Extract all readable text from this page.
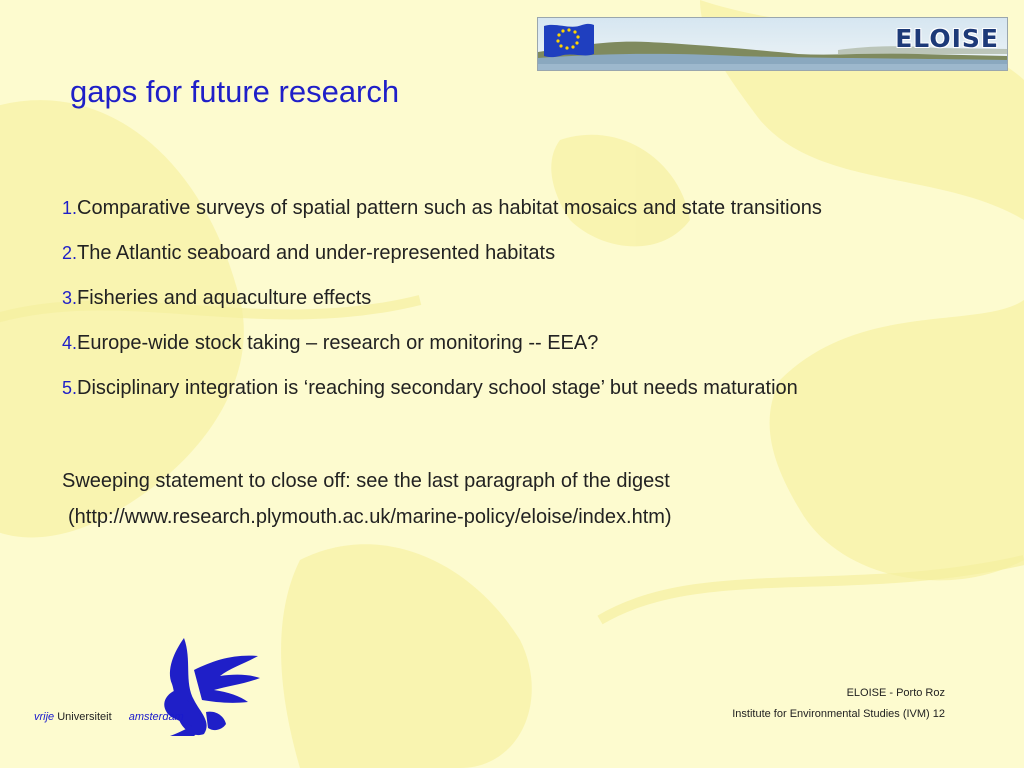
ELOISE
gaps for future research
1.Comparative surveys of spatial pattern such as habitat mosaics and state transitions
2.The Atlantic seaboard and under-represented habitats
3.Fisheries and aquaculture effects
4.Europe-wide stock taking – research or monitoring -- EEA?
5.Disciplinary integration is ‘reaching secondary school stage’ but needs maturation

Sweeping statement to close off: see the last paragraph of the digest

(http://www.research.plymouth.ac.uk/marine-policy/eloise/index.htm)

vrije Universiteit amsterdam
ELOISE - Porto Roz
Institute for Environmental Studies (IVM) 12
